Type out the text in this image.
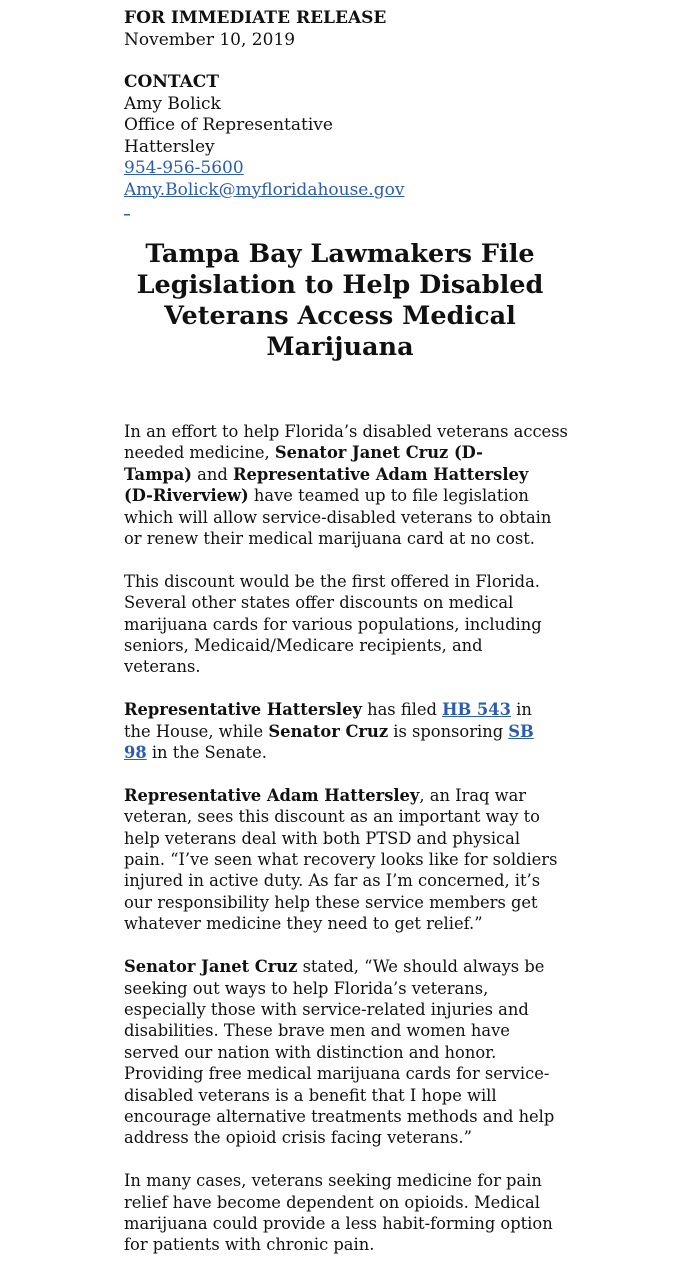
FOR IMMEDIATE RELEASE
November 10, 2019
CONTACT
Amy Bolick
Office of Representative
Hattersley
954-956-5600
Amy.Bolick@myfloridahouse.gov
_
Tampa Bay Lawmakers File
Legislation to Help Disabled
Veterans Access Medical
Marijuana

In an effort to help Florida’s disabled veterans access
needed medicine, Senator Janet Cruz (D-
Tampa) and Representative Adam Hattersley
(D-Riverview) have teamed up to file legislation
which will allow service-disabled veterans to obtain
or renew their medical marijuana card at no cost.

This discount would be the first offered in Florida.
Several other states offer discounts on medical
marijuana cards for various populations, including
seniors, Medicaid/Medicare recipients, and
veterans.

Representative Hattersley has filed HB 543 in
the House, while Senator Cruz is sponsoring SB
98 in the Senate.

Representative Adam Hattersley, an Iraq war
veteran, sees this discount as an important way to
help veterans deal with both PTSD and physical
pain. “I’ve seen what recovery looks like for soldiers
injured in active duty. As far as I’m concerned, it’s
our responsibility help these service members get
whatever medicine they need to get relief.”

Senator Janet Cruz stated, “We should always be
seeking out ways to help Florida’s veterans,
especially those with service-related injuries and
disabilities. These brave men and women have
served our nation with distinction and honor.
Providing free medical marijuana cards for service-
disabled veterans is a benefit that I hope will
encourage alternative treatments methods and help
address the opioid crisis facing veterans.”

In many cases, veterans seeking medicine for pain
relief have become dependent on opioids. Medical
marijuana could provide a less habit-forming option
for patients with chronic pain.
